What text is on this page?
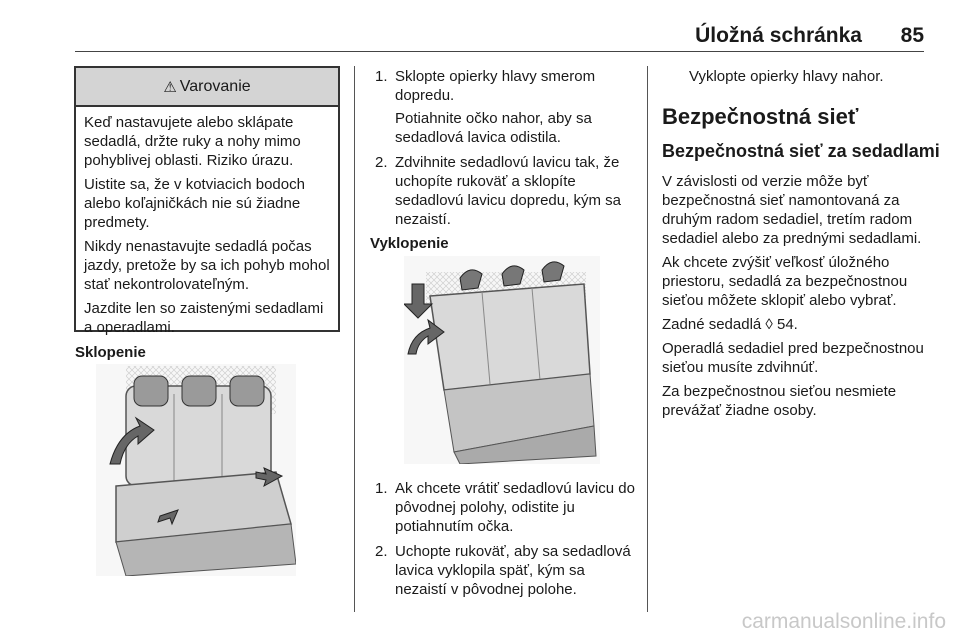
Úložná schránka 85
⚠ Varovanie

Keď nastavujete alebo sklápate sedadlá, držte ruky a nohy mimo pohyblivej oblasti. Riziko úrazu.

Uistite sa, že v kotviacich bodoch alebo koľajničkách nie sú žiadne predmety.

Nikdy nenastavujte sedadlá počas jazdy, pretože by sa ich pohyb mohol stať nekontrolovateľným.

Jazdite len so zaistenými sedadlami a operadlami.

Sklopenie
1. Sklopte opierky hlavy smerom dopredu.
Potiahnite očko nahor, aby sa sedadlová lavica odistila.
2. Zdvihnite sedadlovú lavicu tak, že uchopíte rukoväť a sklopíte sedadlovú lavicu dopredu, kým sa nezaistí.
Vyklopenie
1. Ak chcete vrátiť sedadlovú lavicu do pôvodnej polohy, odistite ju potiahnutím očka.
2. Uchopte rukoväť, aby sa sedadlová lavica vyklopila späť, kým sa nezaistí v pôvodnej polohe.

Vyklopte opierky hlavy nahor.

Bezpečnostná sieť
Bezpečnostná sieť za sedadlami

V závislosti od verzie môže byť bezpečnostná sieť namontovaná za druhým radom sedadiel, tretím radom sedadiel alebo za prednými sedadlami.

Ak chcete zvýšiť veľkosť úložného priestoru, sedadlá za bezpečnostnou sieťou môžete sklopiť alebo vybrať.

Zadné sedadlá ◊ 54.

Operadlá sedadiel pred bezpečnostnou sieťou musíte zdvihnúť.

Za bezpečnostnou sieťou nesmiete prevážať žiadne osoby.

carmanualsonline.info
